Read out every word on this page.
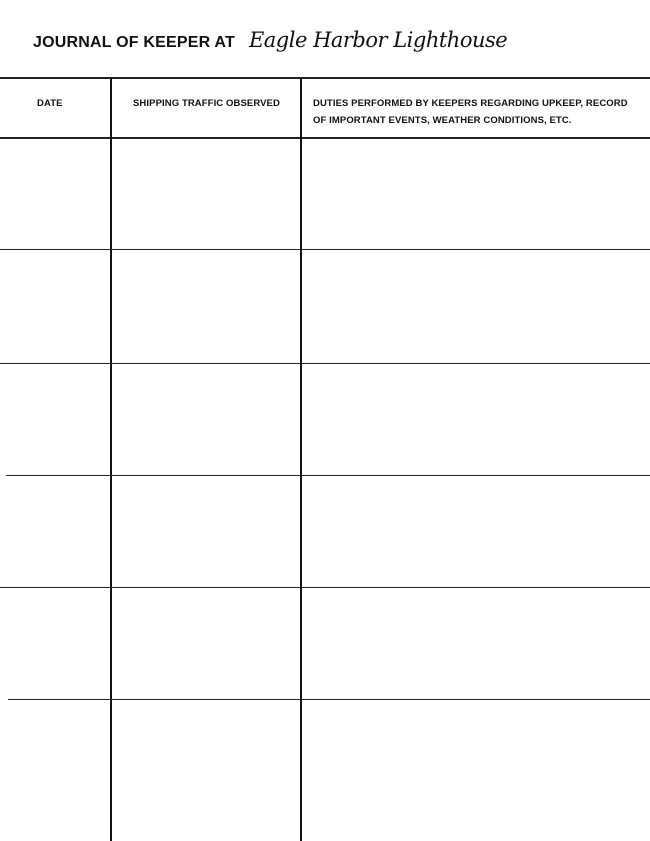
JOURNAL OF KEEPER AT Eagle Harbor Lighthouse
DATE	SHIPPING TRAFFIC OBSERVED	DUTIES PERFORMED BY KEEPERS REGARDING UPKEEP, RECORD OF IMPORTANT EVENTS, WEATHER CONDITIONS, ETC.
